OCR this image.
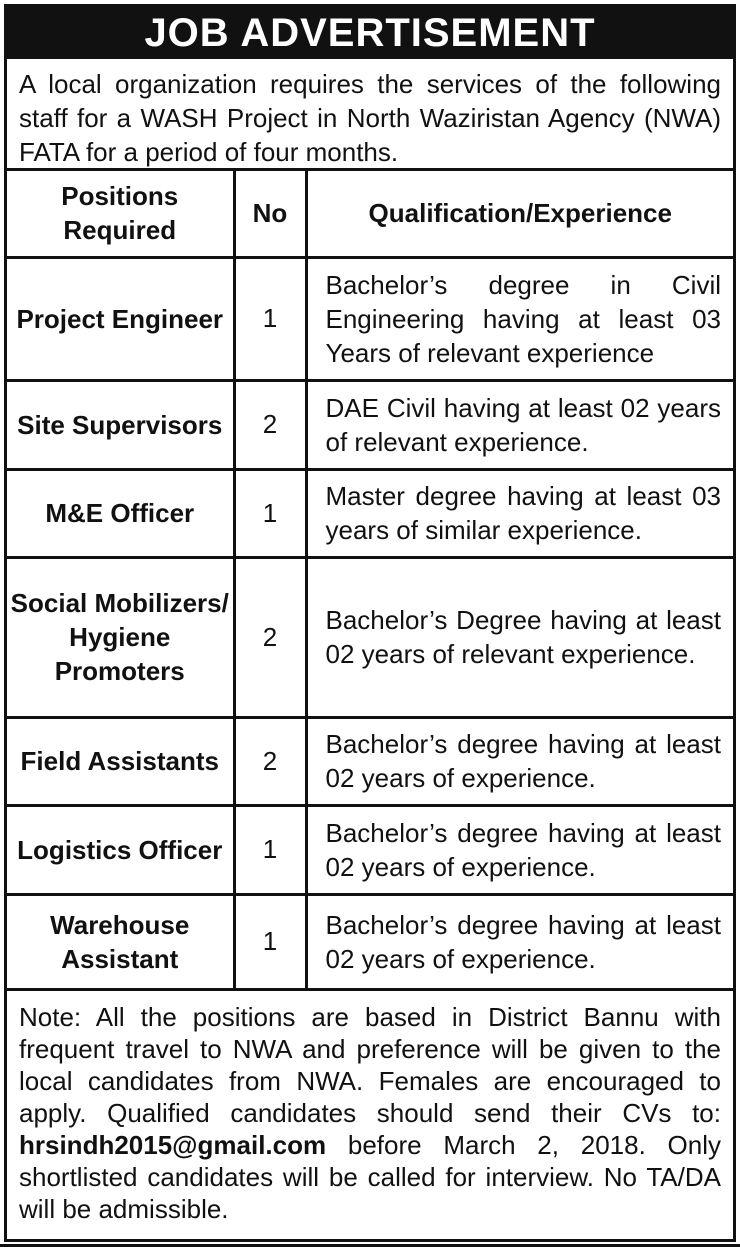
JOB ADVERTISEMENT
A local organization requires the services of the following staff for a WASH Project in North Waziristan Agency (NWA) FATA for a period of four months.
Positions Required	No	Qualification/Experience
Project Engineer	1	Bachelor’s degree in Civil Engineering having at least 03 Years of relevant experience
Site Supervisors	2	DAE Civil having at least 02 years of relevant experience.
M&E Officer	1	Master degree having at least 03 years of similar experience.
Social Mobilizers/ Hygiene Promoters	2	Bachelor’s Degree having at least 02 years of relevant experience.
Field Assistants	2	Bachelor’s degree having at least 02 years of experience.
Logistics Officer	1	Bachelor’s degree having at least 02 years of experience.
Warehouse Assistant	1	Bachelor’s degree having at least 02 years of experience.
Note: All the positions are based in District Bannu with frequent travel to NWA and preference will be given to the local candidates from NWA. Females are encouraged to apply. Qualified candidates should send their CVs to: hrsindh2015@gmail.com before March 2, 2018. Only shortlisted candidates will be called for interview. No TA/DA will be admissible.
